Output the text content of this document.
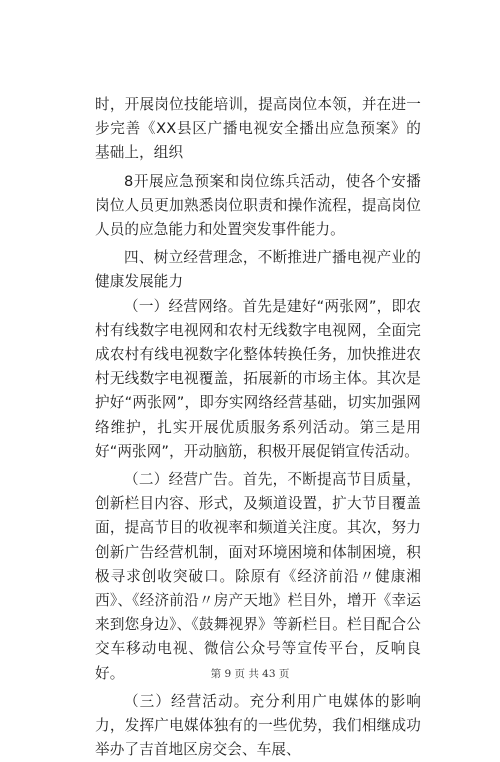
时，开展岗位技能培训，提高岗位本领，并在进一步完善《XX县区广播电视安全播出应急预案》的基础上，组织

8开展应急预案和岗位练兵活动，使各个安播岗位人员更加熟悉岗位职责和操作流程，提高岗位人员的应急能力和处置突发事件能力。

四、树立经营理念，不断推进广播电视产业的健康发展能力

（一）经营网络。首先是建好“两张网”，即农村有线数字电视网和农村无线数字电视网，全面完成农村有线电视数字化整体转换任务，加快推进农村无线数字电视覆盖，拓展新的市场主体。其次是护好“两张网”，即夯实网络经营基础，切实加强网络维护，扎实开展优质服务系列活动。第三是用好“两张网”，开动脑筋，积极开展促销宣传活动。

（二）经营广告。首先，不断提高节目质量，创新栏目内容、形式，及频道设置，扩大节目覆盖面，提高节目的收视率和频道关注度。其次，努力创新广告经营机制，面对环境困境和体制困境，积极寻求创收突破口。除原有《经济前沿〃健康湘西》、《经济前沿〃房产天地》栏目外，增开《幸运来到您身边》、《鼓舞视界》等新栏目。栏目配合公交车移动电视、微信公众号等宣传平台，反响良好。

（三）经营活动。充分利用广电媒体的影响力，发挥广电媒体独有的一些优势，我们相继成功举办了吉首地区房交会、车展、

第 9 页 共 43 页
